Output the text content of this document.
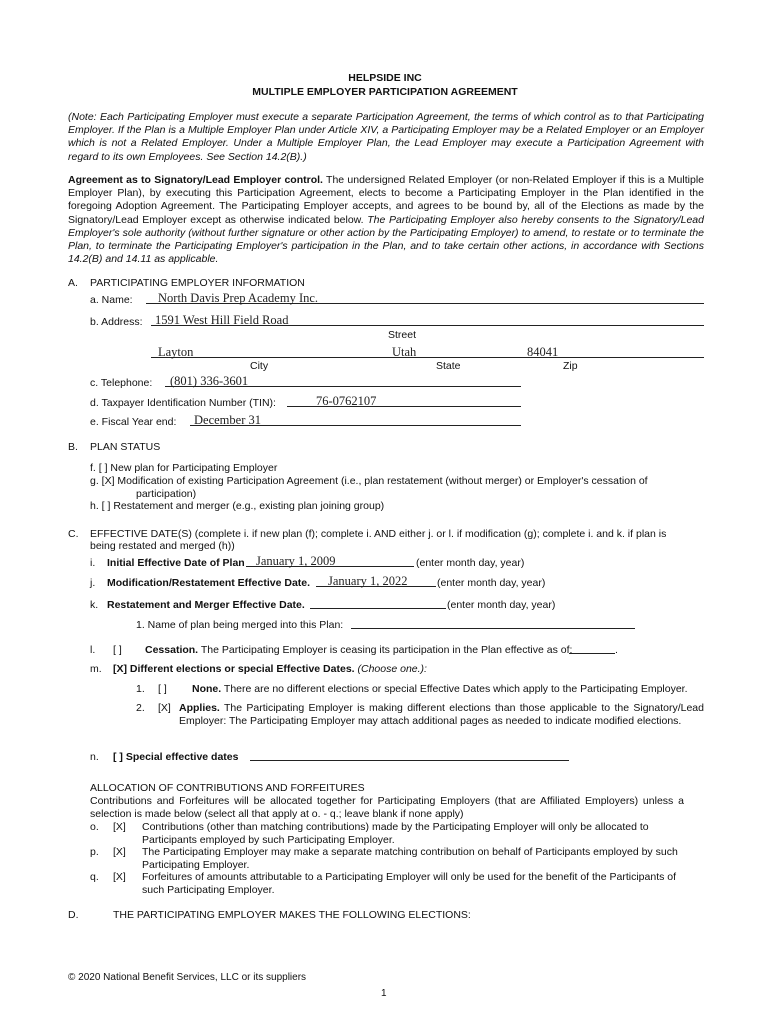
HELPSIDE INC
MULTIPLE EMPLOYER PARTICIPATION AGREEMENT

(Note: Each Participating Employer must execute a separate Participation Agreement, the terms of which control as to that Participating Employer. If the Plan is a Multiple Employer Plan under Article XIV, a Participating Employer may be a Related Employer or an Employer which is not a Related Employer. Under a Multiple Employer Plan, the Lead Employer may execute a Participation Agreement with regard to its own Employees. See Section 14.2(B).)

Agreement as to Signatory/Lead Employer control. The undersigned Related Employer (or non-Related Employer if this is a Multiple Employer Plan), by executing this Participation Agreement, elects to become a Participating Employer in the Plan identified in the foregoing Adoption Agreement. The Participating Employer accepts, and agrees to be bound by, all of the Elections as made by the Signatory/Lead Employer except as otherwise indicated below. The Participating Employer also hereby consents to the Signatory/Lead Employer's sole authority (without further signature or other action by the Participating Employer) to amend, to restate or to terminate the Plan, to terminate the Participating Employer's participation in the Plan, and to take certain other actions, in accordance with Sections 14.2(B) and 14.11 as applicable.

A. PARTICIPATING EMPLOYER INFORMATION
a. Name: North Davis Prep Academy Inc.
b. Address: 1591 West Hill Field Road
Street
Layton	Utah	84041
City	State	Zip
c. Telephone: (801) 336-3601
d. Taxpayer Identification Number (TIN):	76-0762107
e. Fiscal Year end: December 31
B. PLAN STATUS
f. [ ] New plan for Participating Employer
g. [X] Modification of existing Participation Agreement (i.e., plan restatement (without merger) or Employer's cessation of
participation)
h. [ ] Restatement and merger (e.g., existing plan joining group)
C. EFFECTIVE DATE(S) (complete i. if new plan (f); complete i. AND either j. or l. if modification (g); complete i. and k. if plan is
being restated and merged (h))
i. Initial Effective Date of Plan January 1, 2009	(enter month day, year)
j. Modification/Restatement Effective Date. January 1, 2022	(enter month day, year)
k. Restatement and Merger Effective Date.	(enter month day, year)
1. Name of plan being merged into this Plan:
l. [ ] Cessation. The Participating Employer is ceasing its participation in the Plan effective as of:	.
m. [X] Different elections or special Effective Dates. (Choose one.):
1. [ ] None. There are no different elections or special Effective Dates which apply to the Participating Employer.
2. [X] Applies. The Participating Employer is making different elections than those applicable to the Signatory/Lead Employer: The Participating Employer may attach additional pages as needed to indicate modified elections.

n. [ ] Special effective dates
ALLOCATION OF CONTRIBUTIONS AND FORFEITURES

Contributions and Forfeitures will be allocated together for Participating Employers (that are Affiliated Employers) unless a selection is made below (select all that apply at o. - q.; leave blank if none apply)

o. [X] Contributions (other than matching contributions) made by the Participating Employer will only be allocated to Participants employed by such Participating Employer.

p. [X] The Participating Employer may make a separate matching contribution on behalf of Participants employed by such Participating Employer.

q. [X] Forfeitures of amounts attributable to a Participating Employer will only be used for the benefit of the Participants of such Participating Employer.

D.	THE PARTICIPATING EMPLOYER MAKES THE FOLLOWING ELECTIONS:
© 2020 National Benefit Services, LLC or its suppliers
1
